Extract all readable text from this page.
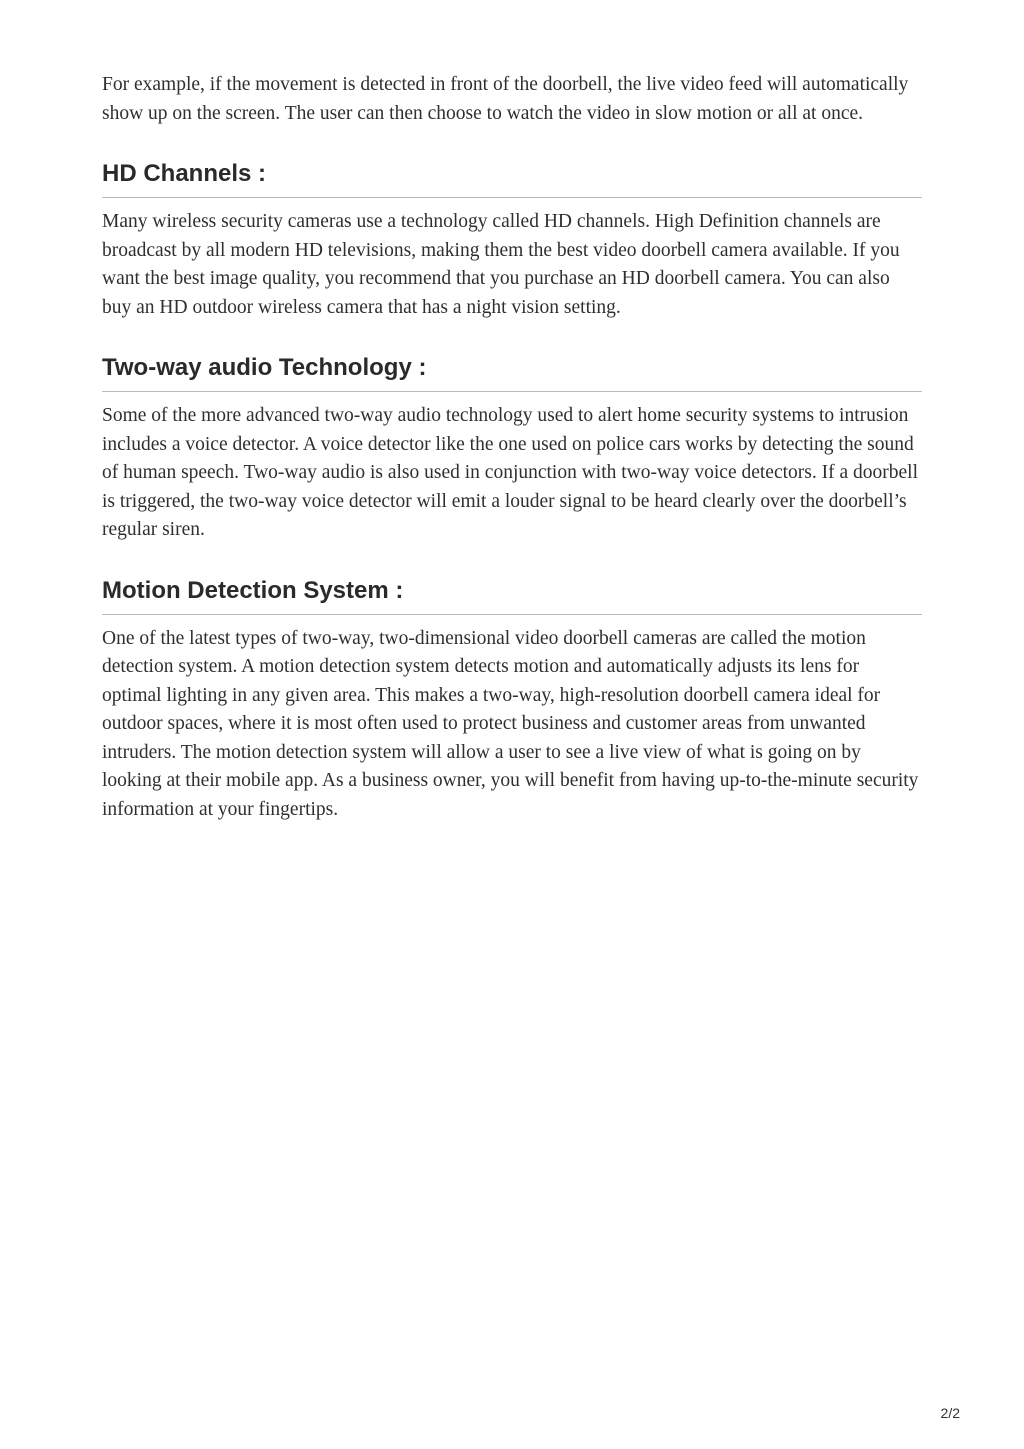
For example, if the movement is detected in front of the doorbell, the live video feed will automatically show up on the screen. The user can then choose to watch the video in slow motion or all at once.

HD Channels :

Many wireless security cameras use a technology called HD channels. High Definition channels are broadcast by all modern HD televisions, making them the best video doorbell camera available. If you want the best image quality, you recommend that you purchase an HD doorbell camera. You can also buy an HD outdoor wireless camera that has a night vision setting.

Two-way audio Technology :

Some of the more advanced two-way audio technology used to alert home security systems to intrusion includes a voice detector. A voice detector like the one used on police cars works by detecting the sound of human speech. Two-way audio is also used in conjunction with two-way voice detectors. If a doorbell is triggered, the two-way voice detector will emit a louder signal to be heard clearly over the doorbell’s regular siren.

Motion Detection System :

One of the latest types of two-way, two-dimensional video doorbell cameras are called the motion detection system. A motion detection system detects motion and automatically adjusts its lens for optimal lighting in any given area. This makes a two-way, high-resolution doorbell camera ideal for outdoor spaces, where it is most often used to protect business and customer areas from unwanted intruders. The motion detection system will allow a user to see a live view of what is going on by looking at their mobile app. As a business owner, you will benefit from having up-to-the-minute security information at your fingertips.

2/2
